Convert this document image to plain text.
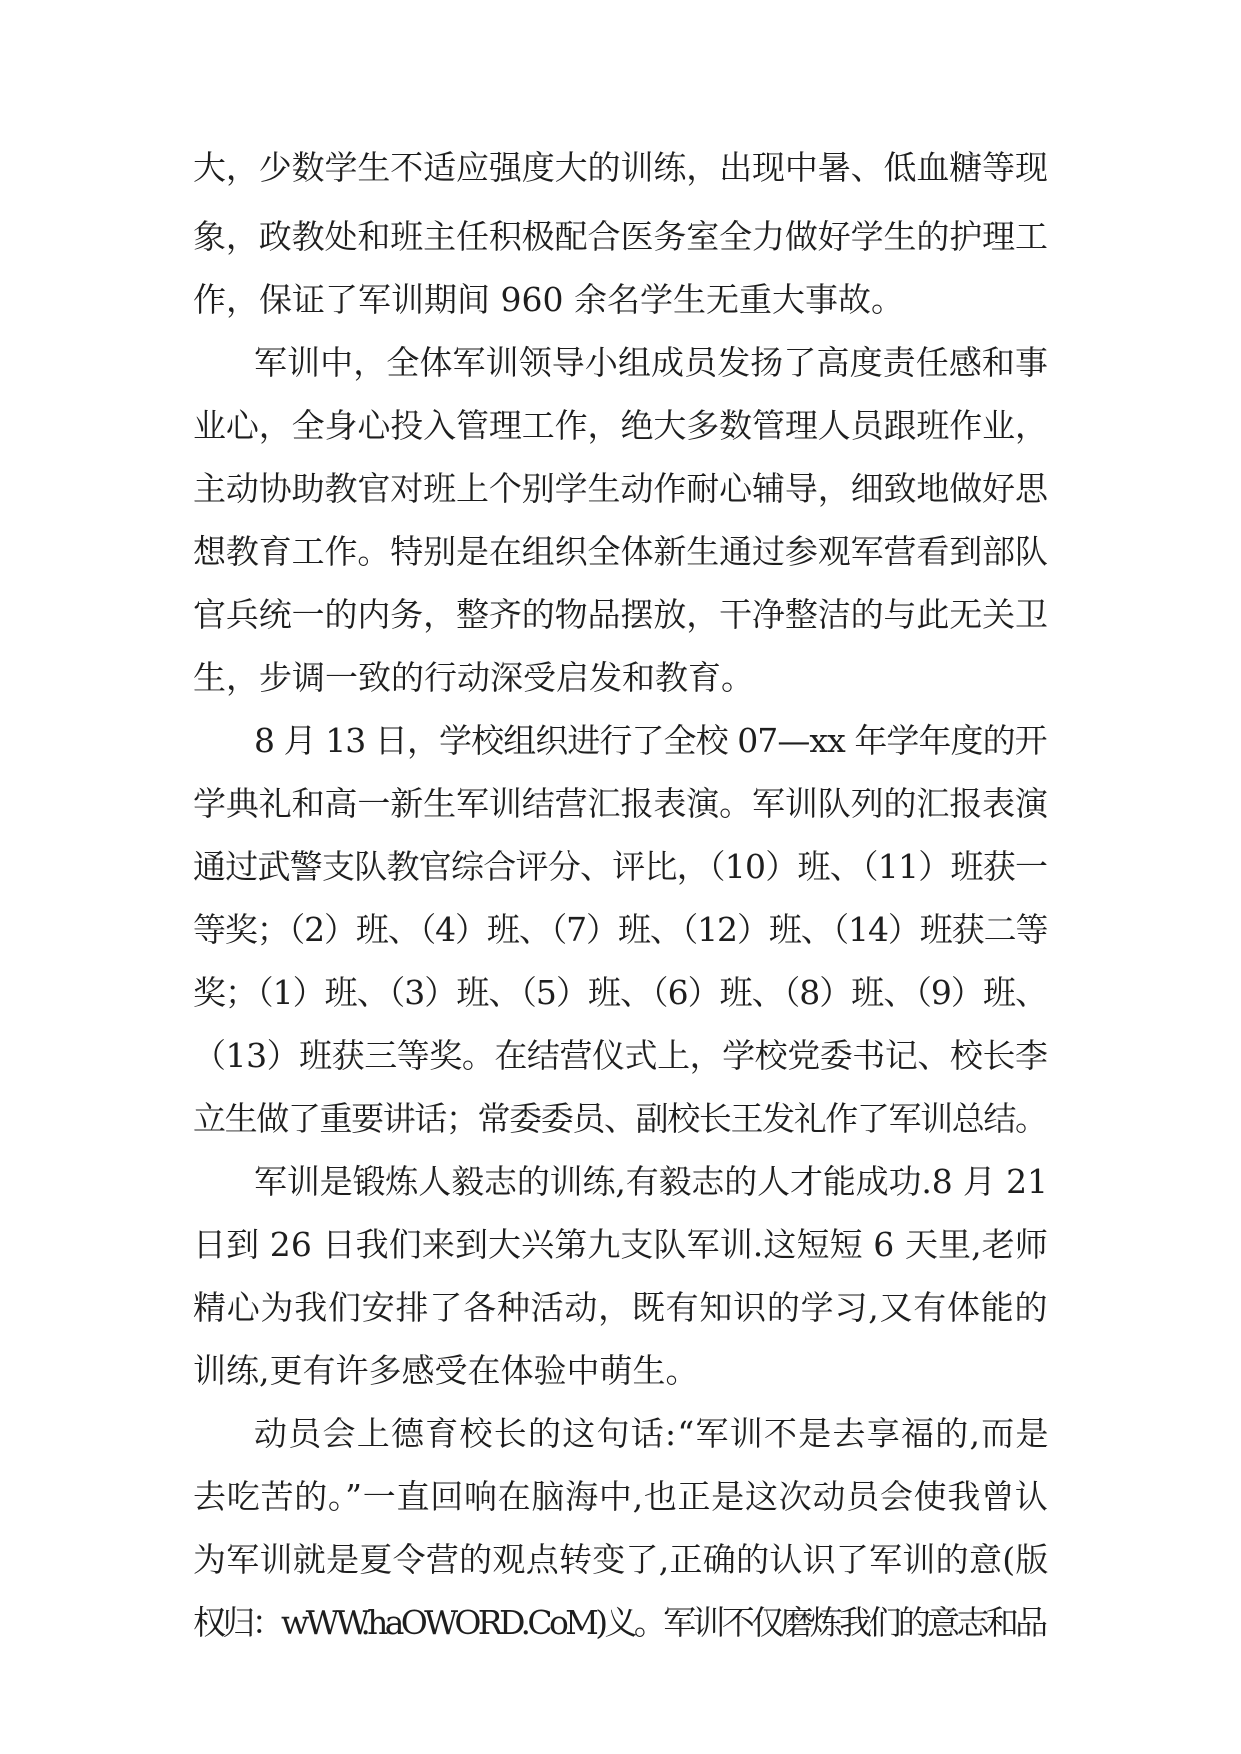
大，少数学生不适应强度大的训练，出现中暑、低血糖等现
象，政教处和班主任积极配合医务室全力做好学生的护理工
作，保证了军训期间 960 余名学生无重大事故。
军训中，全体军训领导小组成员发扬了高度责任感和事
业心，全身心投入管理工作，绝大多数管理人员跟班作业，
主动协助教官对班上个别学生动作耐心辅导，细致地做好思
想教育工作。特别是在组织全体新生通过参观军营看到部队
官兵统一的内务，整齐的物品摆放，干净整洁的与此无关卫
生，步调一致的行动深受启发和教育。
8 月 13 日，学校组织进行了全校 07—xx 年学年度的开
学典礼和高一新生军训结营汇报表演。军训队列的汇报表演
通过武警支队教官综合评分、评比，（10）班、（11）班获一
等奖；（2）班、（4）班、（7）班、（12）班、（14）班获二等
奖；（1）班、（3）班、（5）班、（6）班、（8）班、（9）班、
（13）班获三等奖。在结营仪式上，学校党委书记、校长李
立生做了重要讲话；常委委员、副校长王发礼作了军训总结。
军训是锻炼人毅志的训练,有毅志的人才能成功.8 月 21
日到 26 日我们来到大兴第九支队军训.这短短 6 天里,老师
精心为我们安排了各种活动，既有知识的学习,又有体能的
训练,更有许多感受在体验中萌生。
动员会上德育校长的这句话:“军训不是去享福的,而是
去吃苦的。”一直回响在脑海中,也正是这次动员会使我曾认
为军训就是夏令营的观点转变了,正确的认识了军训的意(版
权归：wWW.haOWORD.CoM)义。军训不仅磨炼我们的意志和品
